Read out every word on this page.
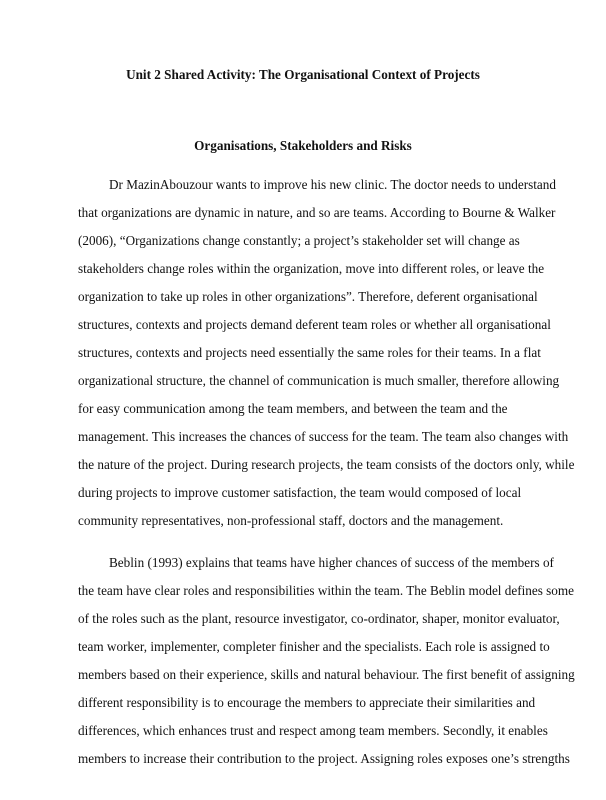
Unit 2 Shared Activity: The Organisational Context of Projects
Organisations, Stakeholders and Risks
Dr MazinAbouzour wants to improve his new clinic. The doctor needs to understand
that organizations are dynamic in nature, and so are teams. According to Bourne & Walker
(2006), “Organizations change constantly; a project’s stakeholder set will change as
stakeholders change roles within the organization, move into different roles, or leave the
organization to take up roles in other organizations”. Therefore, deferent organisational
structures, contexts and projects demand deferent team roles or whether all organisational
structures, contexts and projects need essentially the same roles for their teams. In a flat
organizational structure, the channel of communication is much smaller, therefore allowing
for easy communication among the team members, and between the team and the
management. This increases the chances of success for the team. The team also changes with
the nature of the project. During research projects, the team consists of the doctors only, while
during projects to improve customer satisfaction, the team would composed of local
community representatives, non-professional staff, doctors and the management.
Beblin (1993) explains that teams have higher chances of success of the members of
the team have clear roles and responsibilities within the team. The Beblin model defines some
of the roles such as the plant, resource investigator, co-ordinator, shaper, monitor evaluator,
team worker, implementer, completer finisher and the specialists. Each role is assigned to
members based on their experience, skills and natural behaviour. The first benefit of assigning
different responsibility is to encourage the members to appreciate their similarities and
differences, which enhances trust and respect among team members. Secondly, it enables
members to increase their contribution to the project. Assigning roles exposes one’s strengths
